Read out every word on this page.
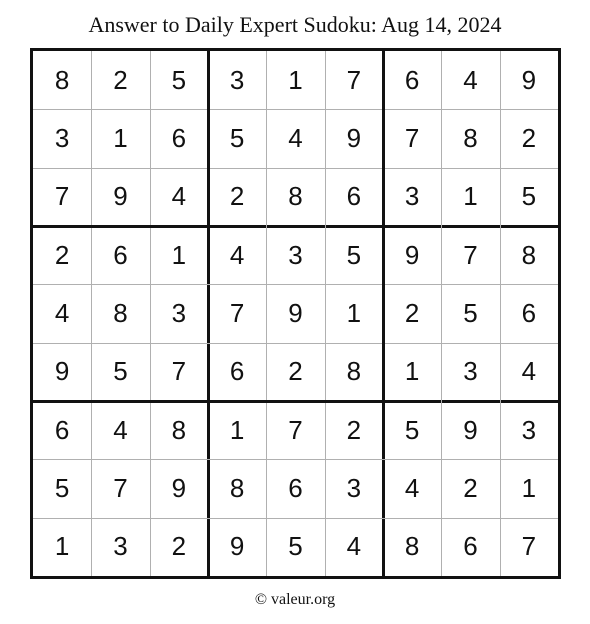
Answer to Daily Expert Sudoku: Aug 14, 2024
8	2	5	3	1	7	6	4	9
3	1	6	5	4	9	7	8	2
7	9	4	2	8	6	3	1	5
2	6	1	4	3	5	9	7	8
4	8	3	7	9	1	2	5	6
9	5	7	6	2	8	1	3	4
6	4	8	1	7	2	5	9	3
5	7	9	8	6	3	4	2	1
1	3	2	9	5	4	8	6	7
© valeur.org
